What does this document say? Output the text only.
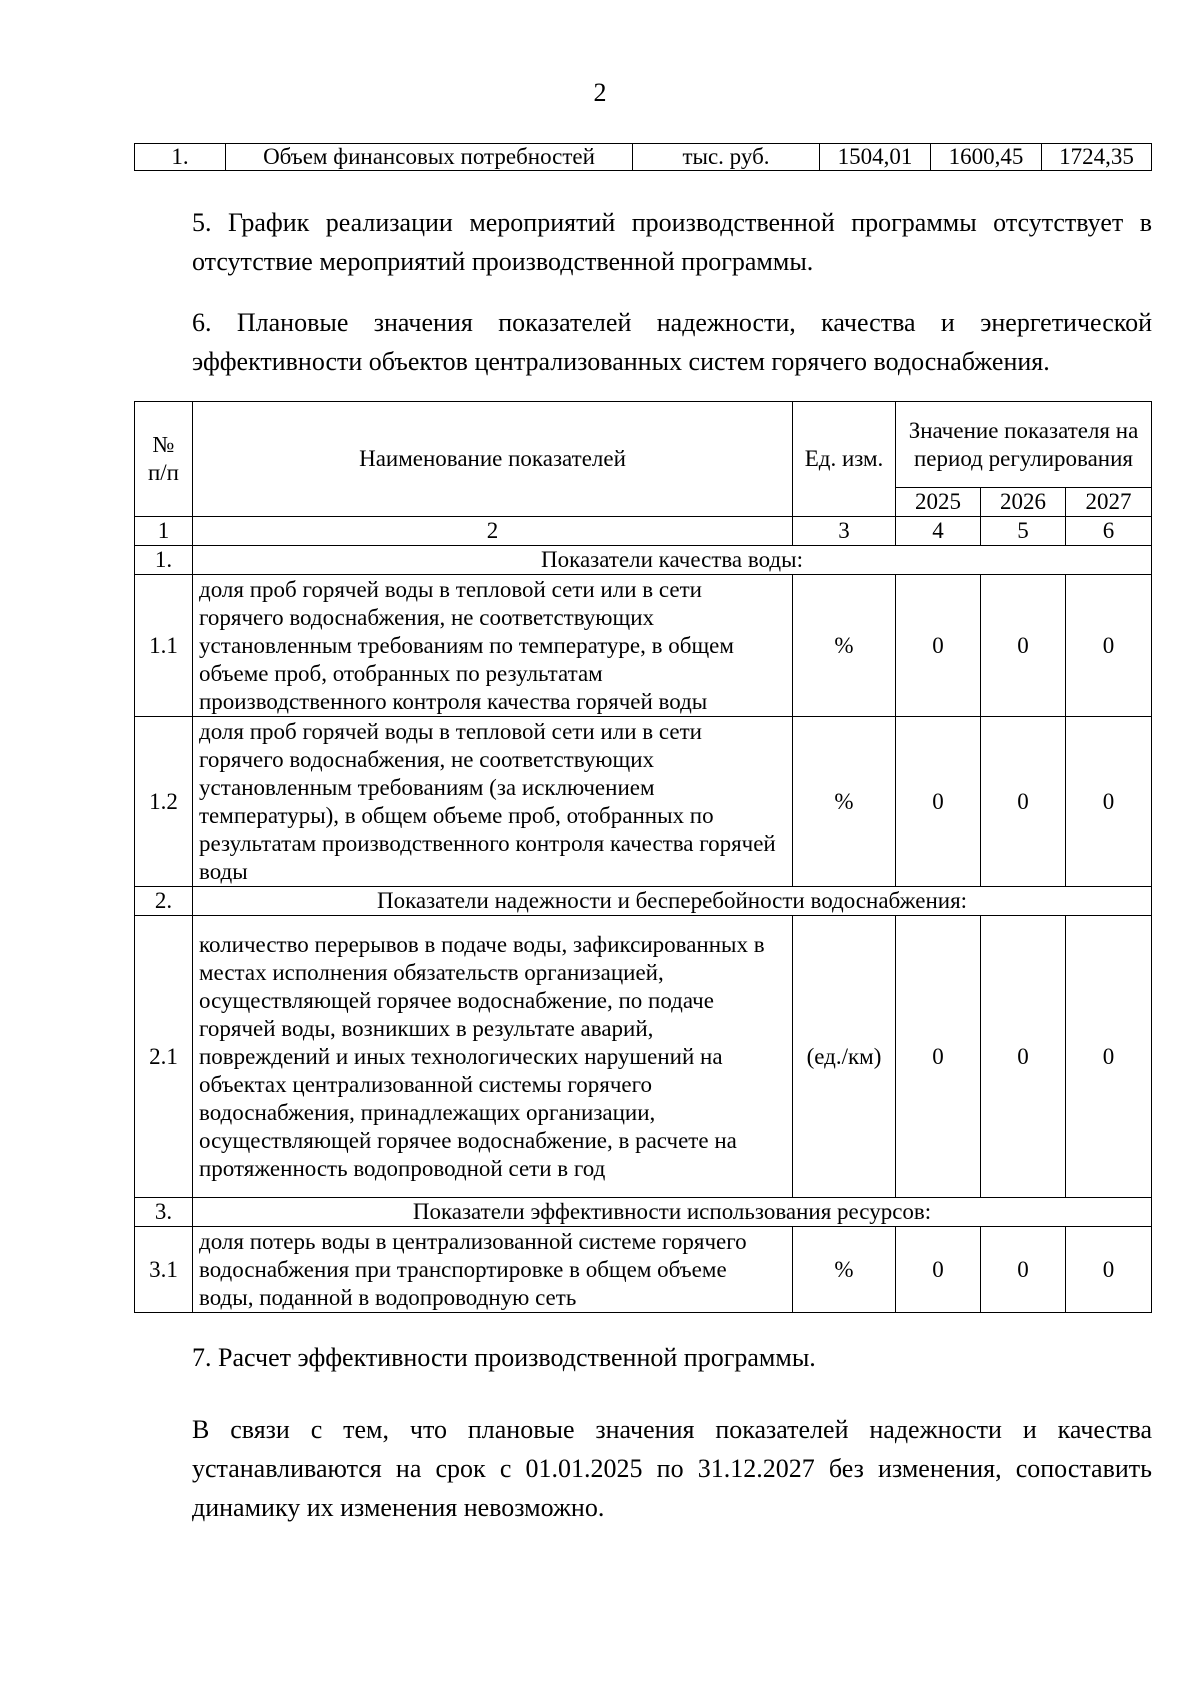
2
1.	Объем финансовых потребностей	тыс. руб.	1504,01	1600,45	1724,35
5. График реализации мероприятий производственной программы отсутствует в отсутствие мероприятий производственной программы.
6. Плановые значения показателей надежности, качества и энергетической эффективности объектов централизованных систем горячего водоснабжения.
№ п/п	Наименование показателей	Ед. изм.	Значение показателя на период регулирования		
			2025	2026	2027
1	2	3	4	5	6
1.	Показатели качества воды:				
1.1	доля проб горячей воды в тепловой сети или в сети горячего водоснабжения, не соответствующих установленным требованиям по температуре, в общем объеме проб, отобранных по результатам производственного контроля качества горячей воды	%	0	0	0
1.2	доля проб горячей воды в тепловой сети или в сети горячего водоснабжения, не соответствующих установленным требованиям (за исключением температуры), в общем объеме проб, отобранных по результатам производственного контроля качества горячей воды	%	0	0	0
2.	Показатели надежности и бесперебойности водоснабжения:				
2.1	количество перерывов в подаче воды, зафиксированных в местах исполнения обязательств организацией, осуществляющей горячее водоснабжение, по подаче горячей воды, возникших в результате аварий, повреждений и иных технологических нарушений на объектах централизованной системы горячего водоснабжения, принадлежащих организации, осуществляющей горячее водоснабжение, в расчете на протяженность водопроводной сети в год	(ед./км)	0	0	0
3.	Показатели эффективности использования ресурсов:				
3.1	доля потерь воды в централизованной системе горячего водоснабжения при транспортировке в общем объеме воды, поданной в водопроводную сеть	%	0	0	0
7. Расчет эффективности производственной программы.
В связи с тем, что плановые значения показателей надежности и качества устанавливаются на срок с 01.01.2025 по 31.12.2027 без изменения, сопоставить динамику их изменения невозможно.
